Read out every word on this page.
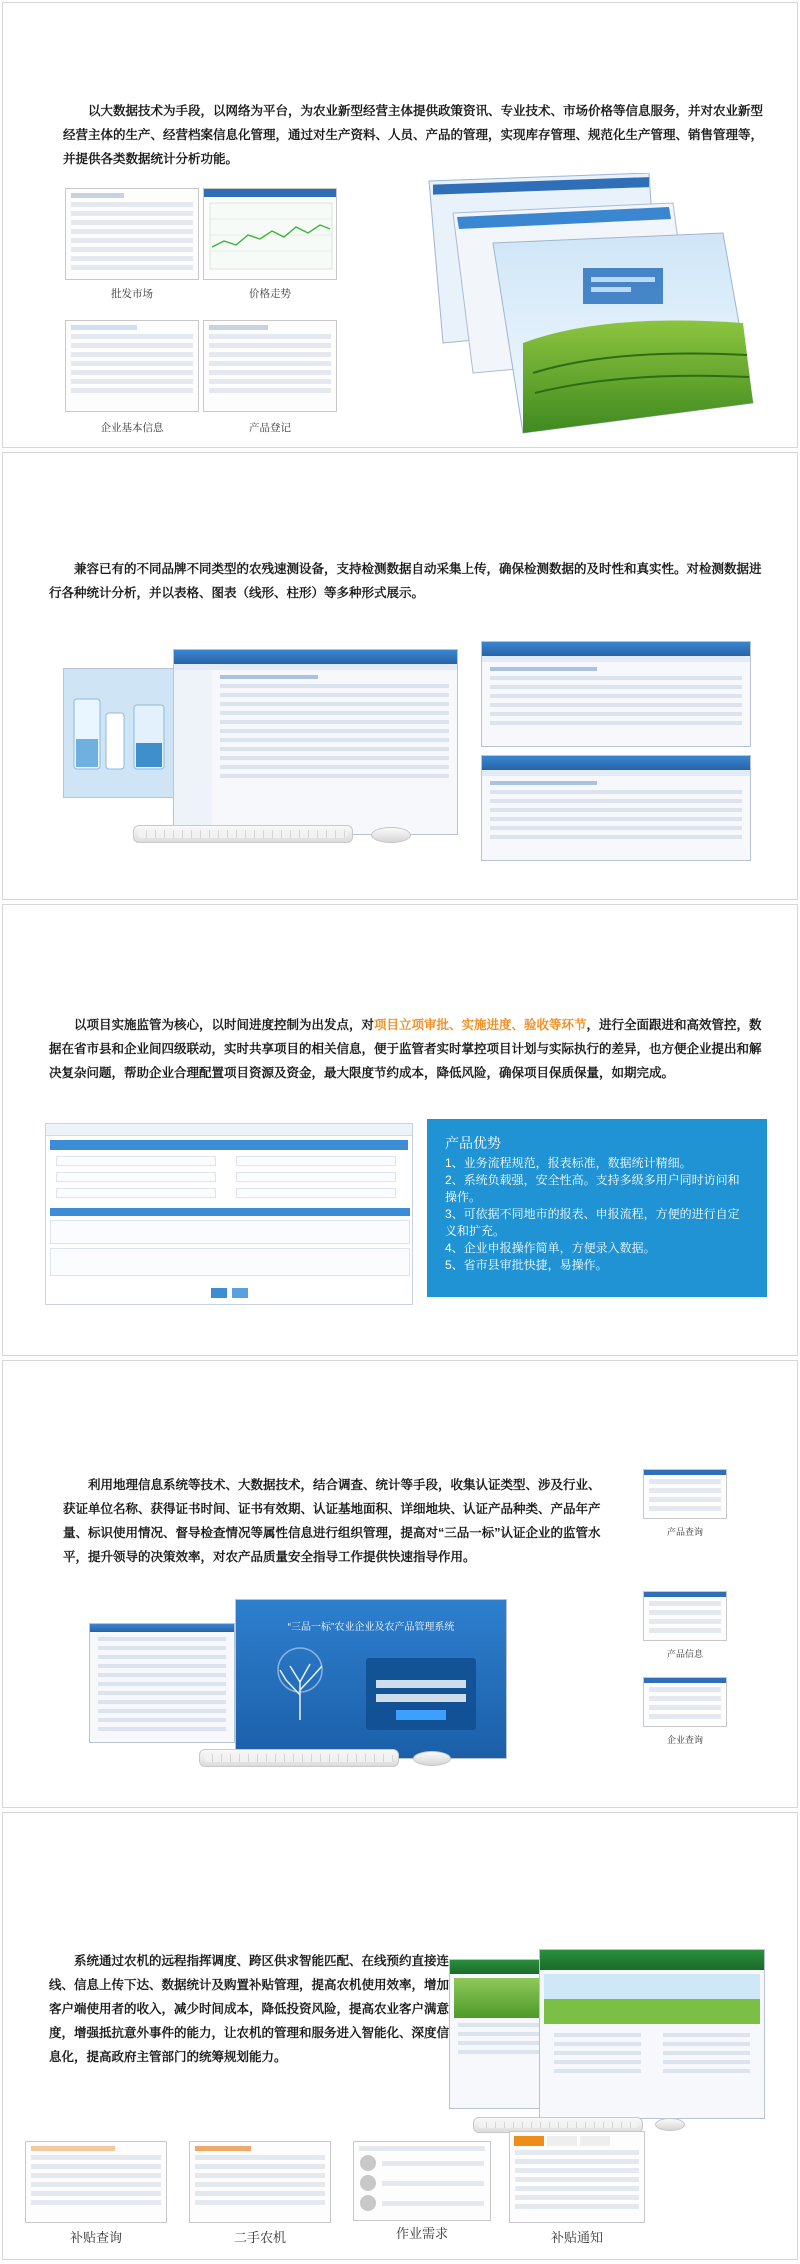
以大数据技术为手段，以网络为平台，为农业新型经营主体提供政策资讯、专业技术、市场价格等信息服务，并对农业新型经营主体的生产、经营档案信息化管理，通过对生产资料、人员、产品的管理，实现库存管理、规范化生产管理、销售管理等，并提供各类数据统计分析功能。

批发市场	价格走势
企业基本信息	产品登记

兼容已有的不同品牌不同类型的农残速测设备，支持检测数据自动采集上传，确保检测数据的及时性和真实性。对检测数据进行各种统计分析，并以表格、图表（线形、柱形）等多种形式展示。

以项目实施监管为核心，以时间进度控制为出发点，对项目立项审批、实施进度、验收等环节，进行全面跟进和高效管控，数据在省市县和企业间四级联动，实时共享项目的相关信息，便于监管者实时掌控项目计划与实际执行的差异，也方便企业提出和解决复杂问题，帮助企业合理配置项目资源及资金，最大限度节约成本，降低风险，确保项目保质保量，如期完成。

产品优势
1、业务流程规范，报表标准，数据统计精细。
2、系统负载强，安全性高。支持多级多用户同时访问和操作。
3、可依据不同地市的报表、申报流程，方便的进行自定义和扩充。
4、企业申报操作简单，方便录入数据。
5、省市县审批快捷，易操作。

利用地理信息系统等技术、大数据技术，结合调查、统计等手段，收集认证类型、涉及行业、获证单位名称、获得证书时间、证书有效期、认证基地面积、详细地块、认证产品种类、产品年产量、标识使用情况、督导检查情况等属性信息进行组织管理，提高对“三品一标”认证企业的监管水平，提升领导的决策效率，对农产品质量安全指导工作提供快速指导作用。

“三品一标”农业企业及农产品管理系统
产品查询
产品信息
企业查询

系统通过农机的远程指挥调度、跨区供求智能匹配、在线预约直接连线、信息上传下达、数据统计及购置补贴管理，提高农机使用效率，增加客户端使用者的收入，减少时间成本，降低投资风险，提高农业客户满意度，增强抵抗意外事件的能力，让农机的管理和服务进入智能化、深度信息化，提高政府主管部门的统筹规划能力。

补贴查询	二手农机	作业需求	补贴通知
